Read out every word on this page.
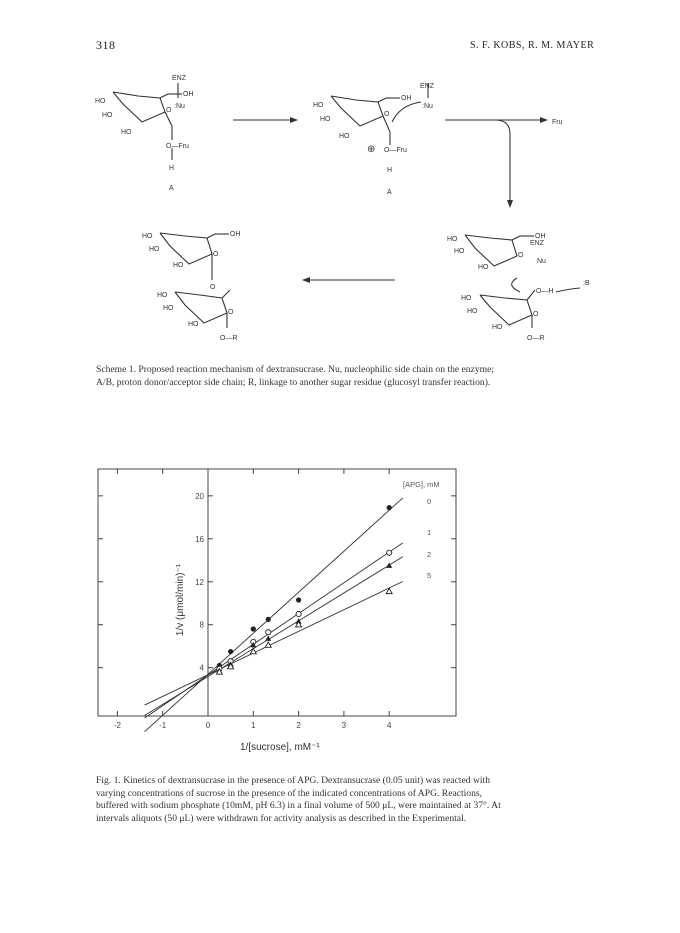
318	S. F. KOBS, R. M. MAYER
ENZ
:Nu
OH
HO
HO
HO
O
O—Fru
H
A
ENZ
:Nu
OH
HO
HO
HO
O
⊕ O—Fru
H
A
Fru
OH
HO
HO
HO
O
ENZ
Nu
O—H
:B
HO
HO
HO
O
O—R
OH
HO
HO
HO
O
O
HO
HO
HO
O
O—R
Scheme 1. Proposed reaction mechanism of dextransucrase. Nu, nucleophilic side chain on the enzyme;
A/B, proton donor/acceptor side chain; R, linkage to another sugar residue (glucosyl transfer reaction).
-2	-1	0	1	2	3	4
4
8
12
16
20
[APG], mM
0
1
2
5
1/[sucrose], mM⁻¹
1/v (μmol/min)⁻¹
Fig. 1. Kinetics of dextransucrase in the presence of APG. Dextransucrase (0.05 unit) was reacted with
varying concentrations of sucrose in the presence of the indicated concentrations of APG. Reactions,
buffered with sodium phosphate (10mM, pH 6.3) in a final volume of 500 μL, were maintained at 37°. At
intervals aliquots (50 μL) were withdrawn for activity analysis as described in the Experimental.
